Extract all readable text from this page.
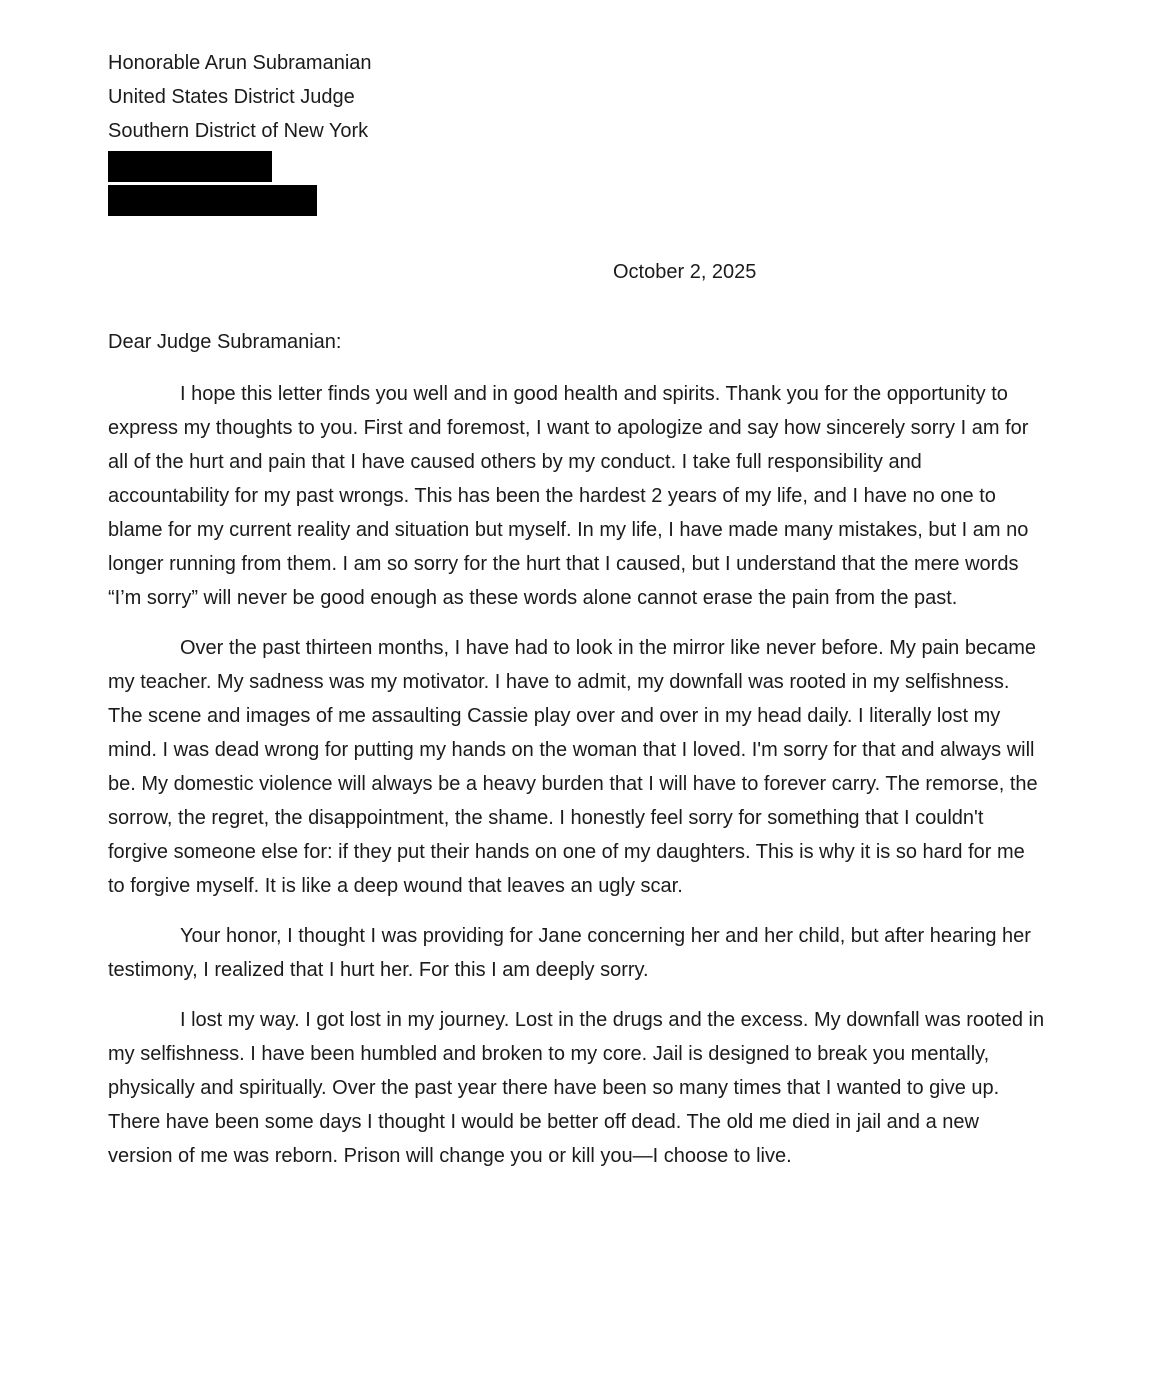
Honorable Arun Subramanian
United States District Judge
Southern District of New York
October 2, 2025
Dear Judge Subramanian:

I hope this letter finds you well and in good health and spirits. Thank you for the opportunity to express my thoughts to you. First and foremost, I want to apologize and say how sincerely sorry I am for all of the hurt and pain that I have caused others by my conduct. I take full responsibility and accountability for my past wrongs. This has been the hardest 2 years of my life, and I have no one to blame for my current reality and situation but myself. In my life, I have made many mistakes, but I am no longer running from them. I am so sorry for the hurt that I caused, but I understand that the mere words “I’m sorry” will never be good enough as these words alone cannot erase the pain from the past.

Over the past thirteen months, I have had to look in the mirror like never before. My pain became my teacher. My sadness was my motivator. I have to admit, my downfall was rooted in my selfishness. The scene and images of me assaulting Cassie play over and over in my head daily. I literally lost my mind. I was dead wrong for putting my hands on the woman that I loved. I'm sorry for that and always will be. My domestic violence will always be a heavy burden that I will have to forever carry. The remorse, the sorrow, the regret, the disappointment, the shame. I honestly feel sorry for something that I couldn't forgive someone else for: if they put their hands on one of my daughters. This is why it is so hard for me to forgive myself. It is like a deep wound that leaves an ugly scar.

Your honor, I thought I was providing for Jane concerning her and her child, but after hearing her testimony, I realized that I hurt her. For this I am deeply sorry.

I lost my way. I got lost in my journey. Lost in the drugs and the excess. My downfall was rooted in my selfishness. I have been humbled and broken to my core. Jail is designed to break you mentally, physically and spiritually. Over the past year there have been so many times that I wanted to give up. There have been some days I thought I would be better off dead. The old me died in jail and a new version of me was reborn. Prison will change you or kill you—I choose to live.
